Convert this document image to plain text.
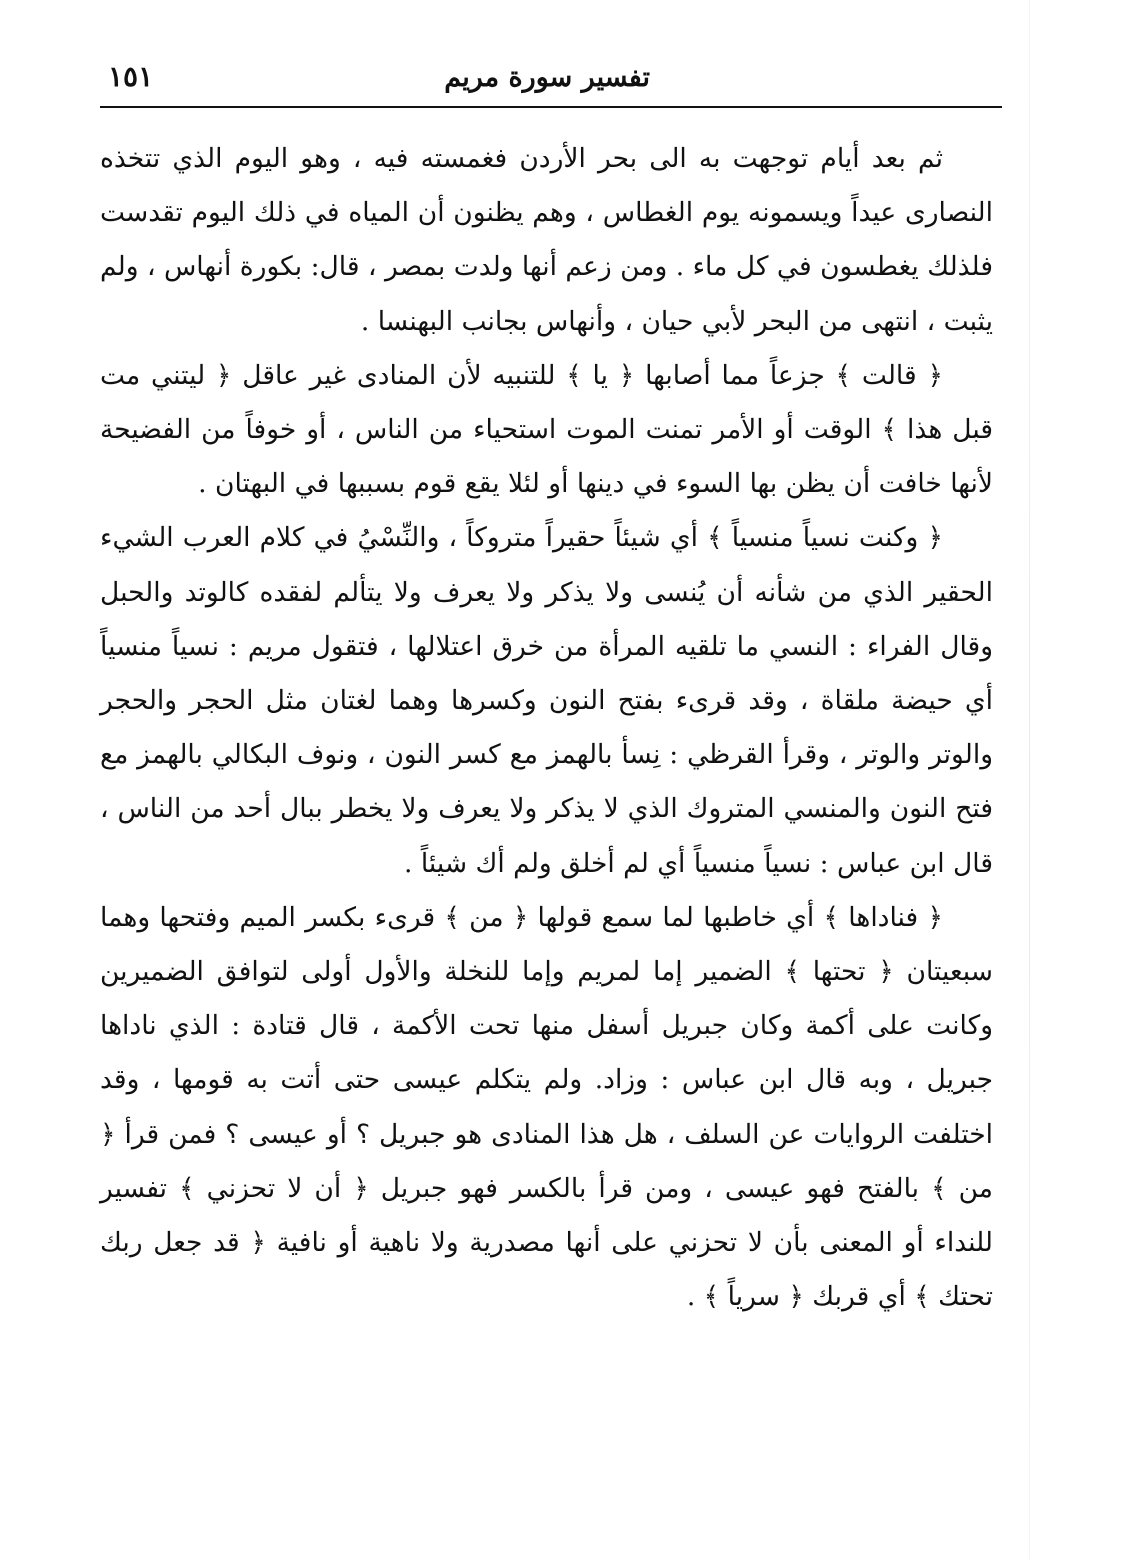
تفسير سورة مريم
١٥١

ثم بعد أيام توجهت به الى بحر الأردن فغمسته فيه ، وهو اليوم الذي تتخذه النصارى عيداً ويسمونه يوم الغطاس ، وهم يظنون أن المياه في ذلك اليوم تقدست فلذلك يغطسون في كل ماء . ومن زعم أنها ولدت بمصر ، قال: بكورة أنهاس ، ولم يثبت ، انتهى من البحر لأبي حيان ، وأنهاس بجانب البهنسا .

﴿ قالت ﴾ جزعاً مما أصابها ﴿ يا ﴾ للتنبيه لأن المنادى غير عاقل ﴿ ليتني مت قبل هذا ﴾ الوقت أو الأمر تمنت الموت استحياء من الناس ، أو خوفاً من الفضيحة لأنها خافت أن يظن بها السوء في دينها أو لئلا يقع قوم بسببها في البهتان .

﴿ وكنت نسياً منسياً ﴾ أي شيئاً حقيراً متروكاً ، والنِّسْيُ في كلام العرب الشيء الحقير الذي من شأنه أن يُنسى ولا يذكر ولا يعرف ولا يتألم لفقده كالوتد والحبل وقال الفراء : النسي ما تلقيه المرأة من خرق اعتلالها ، فتقول مريم : نسياً منسياً أي حيضة ملقاة ، وقد قرىء بفتح النون وكسرها وهما لغتان مثل الحجر والحجر والوتر والوتر ، وقرأ القرظي : نِسأ بالهمز مع كسر النون ، ونوف البكالي بالهمز مع فتح النون والمنسي المتروك الذي لا يذكر ولا يعرف ولا يخطر ببال أحد من الناس ، قال ابن عباس : نسياً منسياً أي لم أخلق ولم أك شيئاً .

﴿ فناداها ﴾ أي خاطبها لما سمع قولها ﴿ من ﴾ قرىء بكسر الميم وفتحها وهما سبعيتان ﴿ تحتها ﴾ الضمير إما لمريم وإما للنخلة والأول أولى لتوافق الضميرين وكانت على أكمة وكان جبريل أسفل منها تحت الأكمة ، قال قتادة : الذي ناداها جبريل ، وبه قال ابن عباس : وزاد. ولم يتكلم عيسى حتى أتت به قومها ، وقد اختلفت الروايات عن السلف ، هل هذا المنادى هو جبريل ؟ أو عيسى ؟ فمن قرأ ﴿ من ﴾ بالفتح فهو عيسى ، ومن قرأ بالكسر فهو جبريل ﴿ أن لا تحزني ﴾ تفسير للنداء أو المعنى بأن لا تحزني على أنها مصدرية ولا ناهية أو نافية ﴿ قد جعل ربك تحتك ﴾ أي قربك ﴿ سرياً ﴾ .
